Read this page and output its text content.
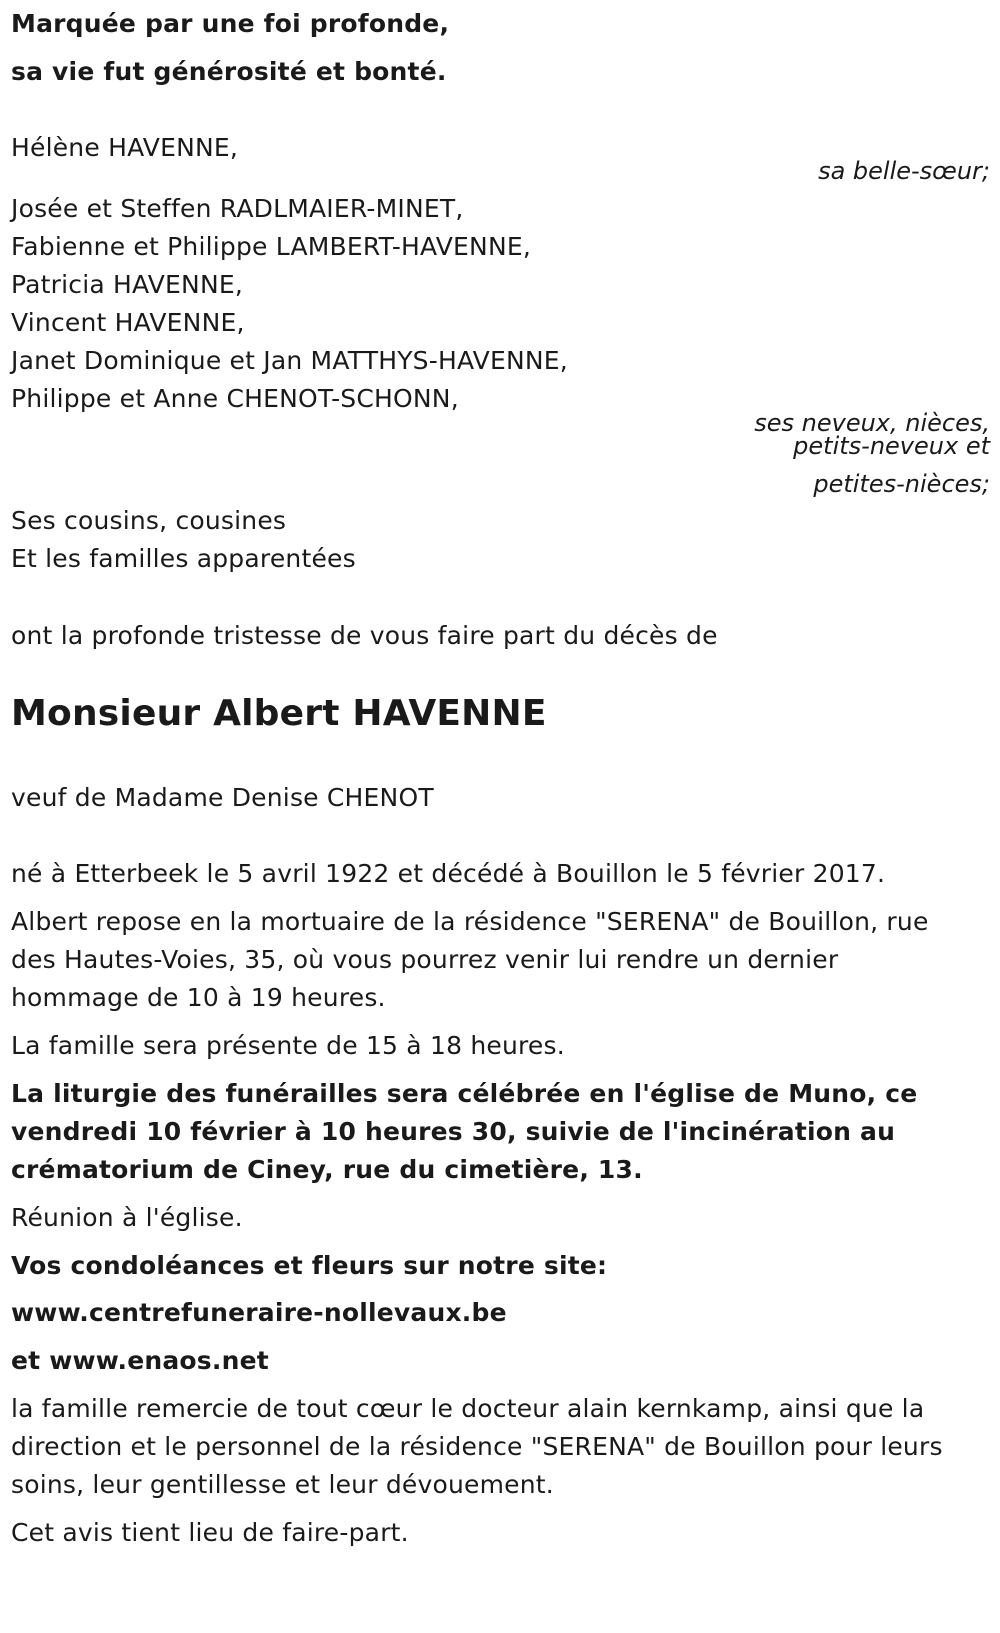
Marquée par une foi profonde,

sa vie fut générosité et bonté.

Hélène HAVENNE,

sa belle-sœur;

Josée et Steffen RADLMAIER-MINET,

Fabienne et Philippe LAMBERT-HAVENNE,

Patricia HAVENNE,

Vincent HAVENNE,

Janet Dominique et Jan MATTHYS-HAVENNE,

Philippe et Anne CHENOT-SCHONN,

ses neveux, nièces,

petits-neveux et

petites-nièces;

Ses cousins, cousines

Et les familles apparentées

ont la profonde tristesse de vous faire part du décès de

Monsieur Albert HAVENNE

veuf de Madame Denise CHENOT

né à Etterbeek le 5 avril 1922 et décédé à Bouillon le 5 février 2017.

Albert repose en la mortuaire de la résidence "SERENA" de Bouillon, rue

des Hautes-Voies, 35, où vous pourrez venir lui rendre un dernier

hommage de 10 à 19 heures.

La famille sera présente de 15 à 18 heures.

La liturgie des funérailles sera célébrée en l'église de Muno, ce

vendredi 10 février à 10 heures 30, suivie de l'incinération au

crématorium de Ciney, rue du cimetière, 13.

Réunion à l'église.

Vos condoléances et fleurs sur notre site:

www.centrefuneraire-nollevaux.be

et www.enaos.net

la famille remercie de tout cœur le docteur alain kernkamp, ainsi que la

direction et le personnel de la résidence "SERENA" de Bouillon pour leurs

soins, leur gentillesse et leur dévouement.

Cet avis tient lieu de faire-part.
